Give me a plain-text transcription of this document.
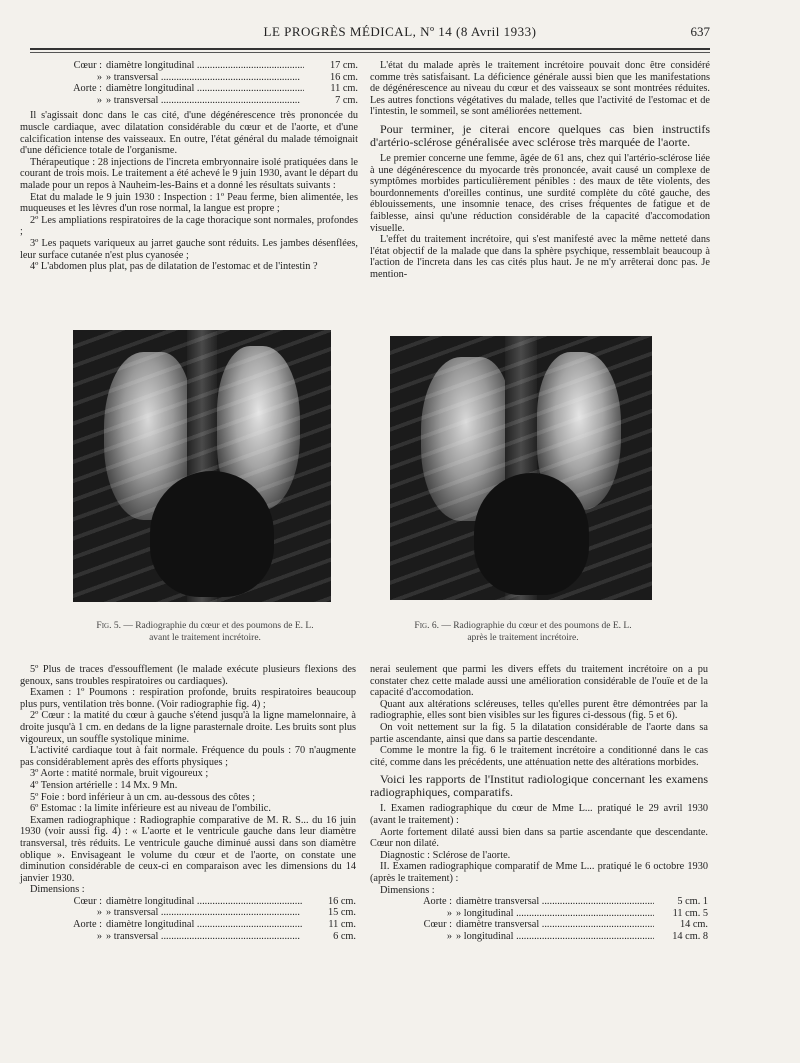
LE PROGRÈS MÉDICAL, Nº 14 (8 Avril 1933)	637
Cœur : diamètre longitudinal .....	17 cm.
» » transversal .....	16 cm.
Aorte : diamètre longitudinal .....	11 cm.
» » transversal .....	7 cm.

Il s'agissait donc dans le cas cité, d'une dégénérescence très prononcée du muscle cardiaque, avec dilatation considérable du cœur et de l'aorte, et d'une calcification intense des vaisseaux. En outre, l'état général du malade témoignait d'une déficience totale de l'organisme.

Thérapeutique : 28 injections de l'increta embryonnaire isolé pratiquées dans le courant de trois mois. Le traitement a été achevé le 9 juin 1930, avant le départ du malade pour un repos à Nauheim-les-Bains et a donné les résultats suivants :

Etat du malade le 9 juin 1930 : Inspection : 1º Peau ferme, bien alimentée, les muqueuses et les lèvres d'un rose normal, la langue est propre ;

2º Les ampliations respiratoires de la cage thoracique sont normales, profondes ;

3º Les paquets variqueux au jarret gauche sont réduits. Les jambes désenflées, leur surface cutanée n'est plus cyanosée ;

4º L'abdomen plus plat, pas de dilatation de l'estomac et de l'intestin ?

L'état du malade après le traitement incrétoire pouvait donc être considéré comme très satisfaisant. La déficience générale aussi bien que les manifestations de dégénérescence au niveau du cœur et des vaisseaux se sont montrées réduites. Les autres fonctions végétatives du malade, telles que l'activité de l'estomac et de l'intestin, le sommeil, se sont améliorées nettement.

Pour terminer, je citerai encore quelques cas bien instructifs d'artério-sclérose généralisée avec sclérose très marquée de l'aorte.

Le premier concerne une femme, âgée de 61 ans, chez qui l'artério-sclérose liée à une dégénérescence du myocarde très prononcée, avait causé un complexe de symptômes morbides particulièrement pénibles : des maux de tête violents, des bourdonnements d'oreilles continus, une surdité complète du côté gauche, des éblouissements, une insomnie tenace, des crises fréquentes de fatigue et de faiblesse, ainsi qu'une réduction considérable de la capacité d'accomodation visuelle.

L'effet du traitement incrétoire, qui s'est manifesté avec la même netteté dans l'état objectif de la malade que dans la sphère psychique, ressemblait beaucoup à l'action de l'increta dans les cas cités plus haut. Je ne m'y arrêterai donc pas. Je mention-

Fig. 5. — Radiographie du cœur et des poumons de E. L.
avant le traitement incrétoire.
Fig. 6. — Radiographie du cœur et des poumons de E. L.
après le traitement incrétoire.

5º Plus de traces d'essoufflement (le malade exécute plusieurs flexions des genoux, sans troubles respiratoires ou cardiaques).

Examen : 1º Poumons : respiration profonde, bruits respiratoires beaucoup plus purs, ventilation très bonne. (Voir radiographie fig. 4) ;

2º Cœur : la matité du cœur à gauche s'étend jusqu'à la ligne mamelonnaire, à droite jusqu'à 1 cm. en dedans de la ligne parasternale droite. Les bruits sont plus vigoureux, un souffle systolique minime.

L'activité cardiaque tout à fait normale. Fréquence du pouls : 70 n'augmente pas considérablement après des efforts physiques ;

3º Aorte : matité normale, bruit vigoureux ;

4º Tension artérielle : 14 Mx. 9 Mn.

5º Foie : bord inférieur à un cm. au-dessous des côtes ;

6º Estomac : la limite inférieure est au niveau de l'ombilic.

Examen radiographique : Radiographie comparative de M. R. S... du 16 juin 1930 (voir aussi fig. 4) : « L'aorte et le ventricule gauche dans leur diamètre transversal, très réduits. Le ventricule gauche diminué aussi dans son diamètre oblique ». Envisageant le volume du cœur et de l'aorte, on constate une diminution considérable de ceux-ci en comparaison avec les dimensions du 14 janvier 1930.

Dimensions :

Cœur : diamètre longitudinal .....	16 cm.
» » transversal .....	15 cm.
Aorte : diamètre longitudinal .....	11 cm.
» » transversal .....	6 cm.

nerai seulement que parmi les divers effets du traitement incrétoire on a pu constater chez cette malade aussi une amélioration considérable de l'ouïe et de la capacité d'accomodation.

Quant aux altérations scléreuses, telles qu'elles purent être démontrées par la radiographie, elles sont bien visibles sur les figures ci-dessous (fig. 5 et 6).

On voit nettement sur la fig. 5 la dilatation considérable de l'aorte dans sa partie ascendante, ainsi que dans sa partie descendante.

Comme le montre la fig. 6 le traitement incrétoire a conditionné dans le cas cité, comme dans les précédents, une atténuation nette des altérations morbides.

Voici les rapports de l'Institut radiologique concernant les examens radiographiques, comparatifs.

I. Examen radiographique du cœur de Mme L... pratiqué le 29 avril 1930 (avant le traitement) :

Aorte fortement dilaté aussi bien dans sa partie ascendante que descendante. Cœur non dilaté.

Diagnostic : Sclérose de l'aorte.

II. Examen radiographique comparatif de Mme L... pratiqué le 6 octobre 1930 (après le traitement) :

Dimensions :

Aorte : diamètre transversal .....	5 cm. 1
» » longitudinal .....	11 cm. 5
Cœur : diamètre transversal .....	14 cm.
» » longitudinal .....	14 cm. 8
